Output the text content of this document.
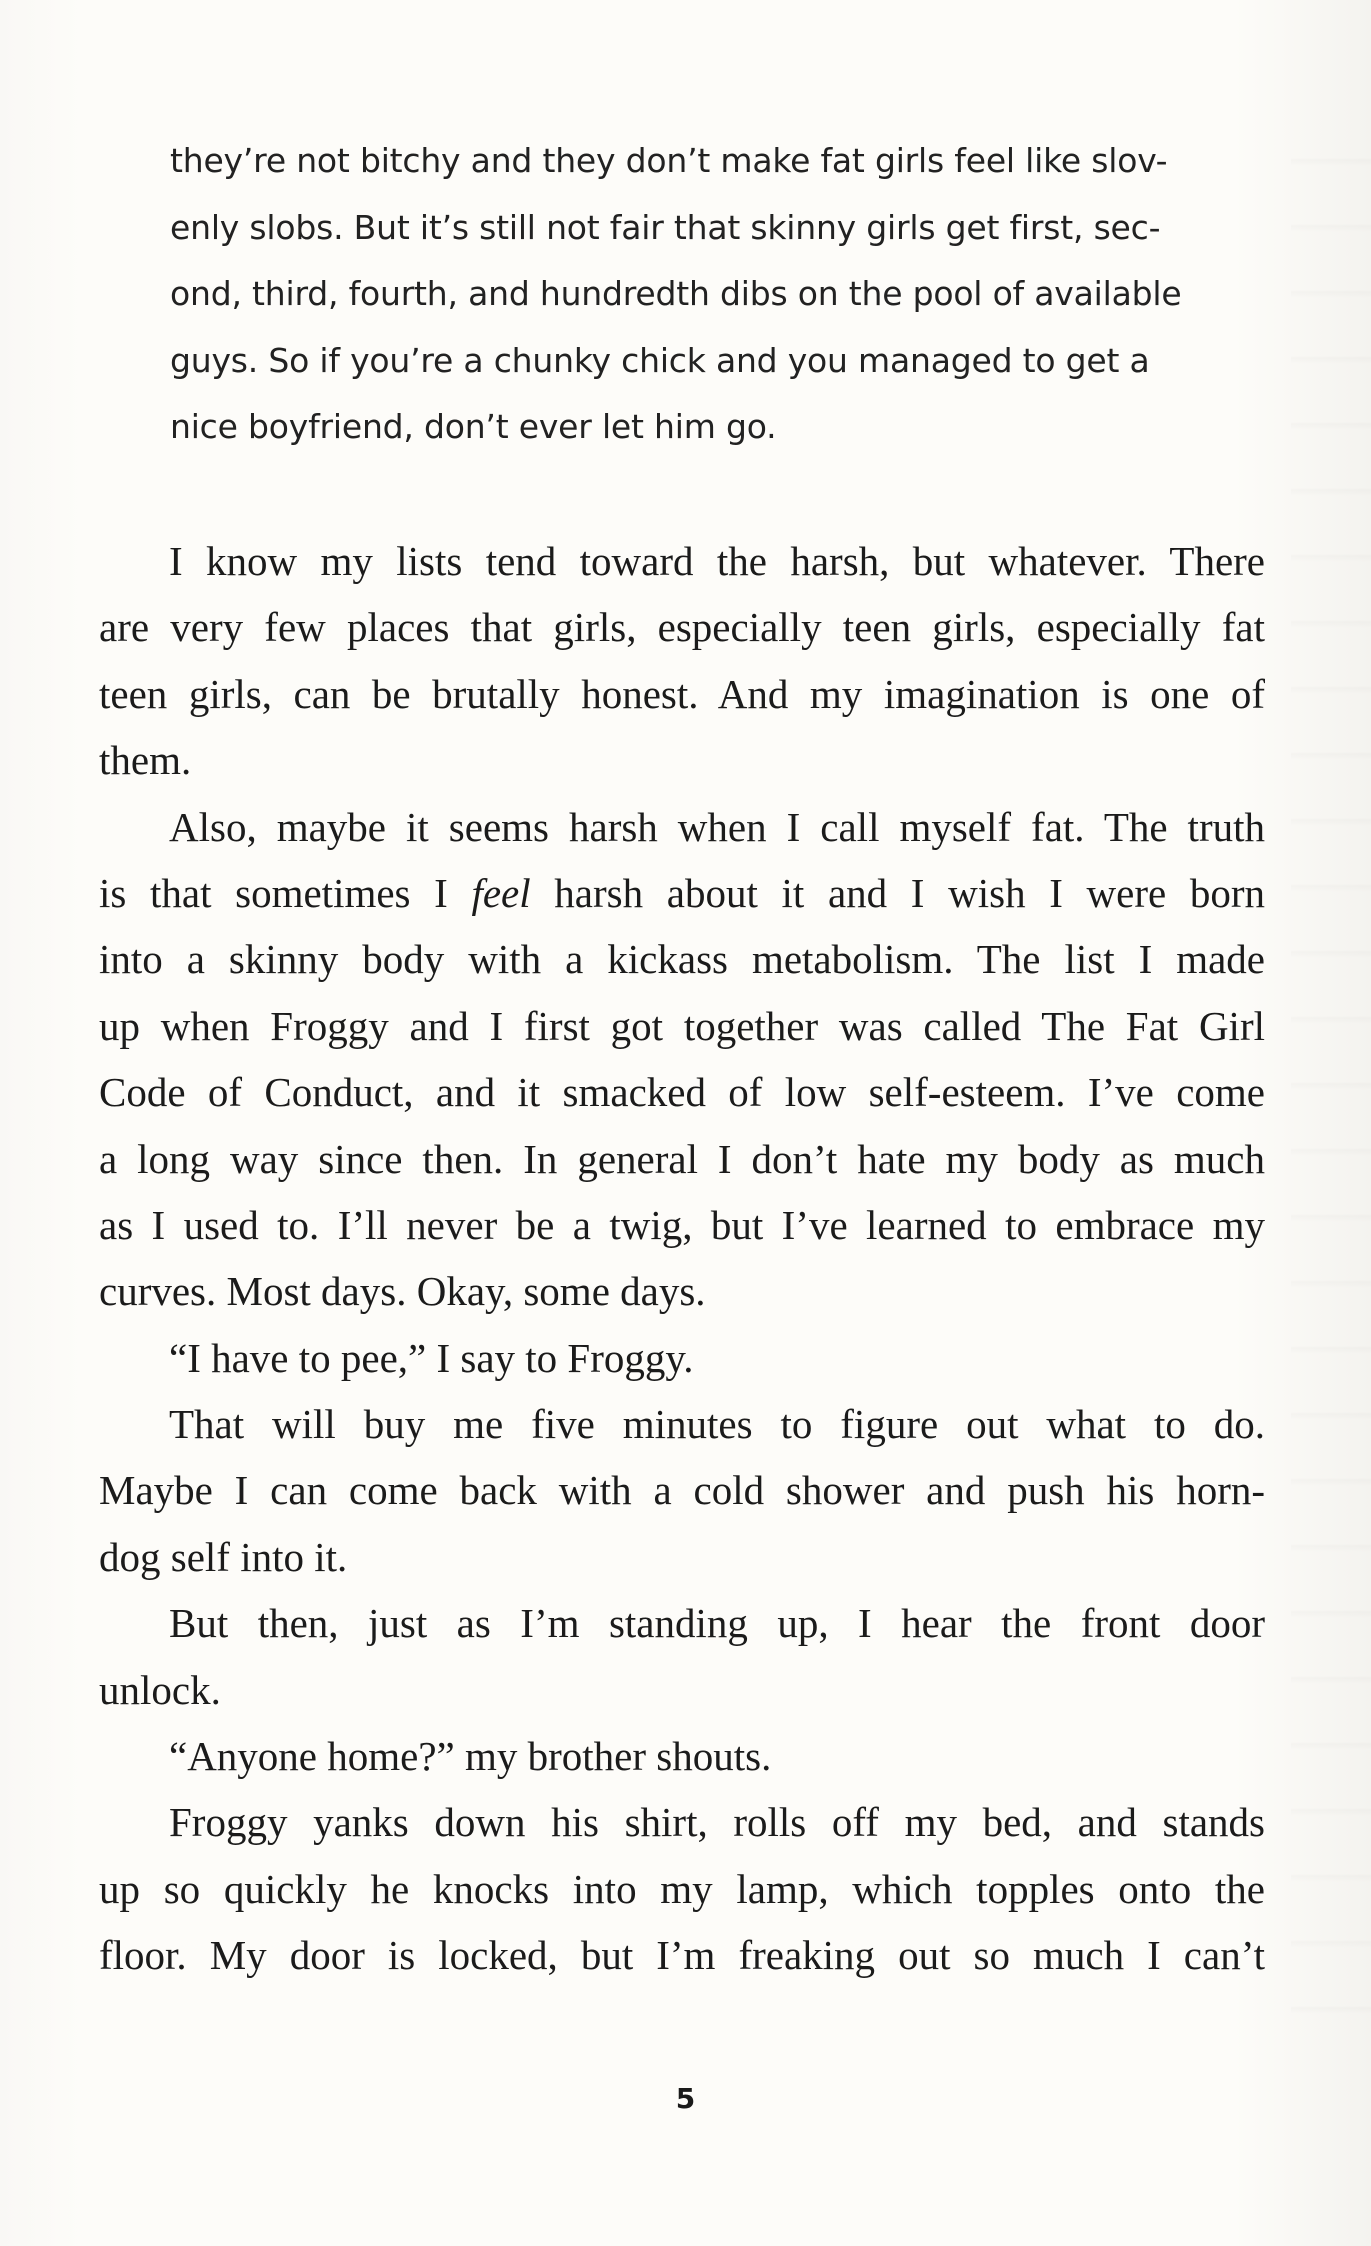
they’re not bitchy and they don’t make fat girls feel like slov-
enly slobs. But it’s still not fair that skinny girls get first, sec-
ond, third, fourth, and hundredth dibs on the pool of available
guys. So if you’re a chunky chick and you managed to get a
nice boyfriend, don’t ever let him go.
I know my lists tend toward the harsh, but whatever. There
are very few places that girls, especially teen girls, especially fat
teen girls, can be brutally honest. And my imagination is one of
them.
Also, maybe it seems harsh when I call myself fat. The truth
is that sometimes I feel harsh about it and I wish I were born
into a skinny body with a kickass metabolism. The list I made
up when Froggy and I first got together was called The Fat Girl
Code of Conduct, and it smacked of low self-esteem. I’ve come
a long way since then. In general I don’t hate my body as much
as I used to. I’ll never be a twig, but I’ve learned to embrace my
curves. Most days. Okay, some days.
“I have to pee,” I say to Froggy.
That will buy me five minutes to figure out what to do.
Maybe I can come back with a cold shower and push his horn-
dog self into it.
But then, just as I’m standing up, I hear the front door
unlock.
“Anyone home?” my brother shouts.
Froggy yanks down his shirt, rolls off my bed, and stands
up so quickly he knocks into my lamp, which topples onto the
floor. My door is locked, but I’m freaking out so much I can’t
5
